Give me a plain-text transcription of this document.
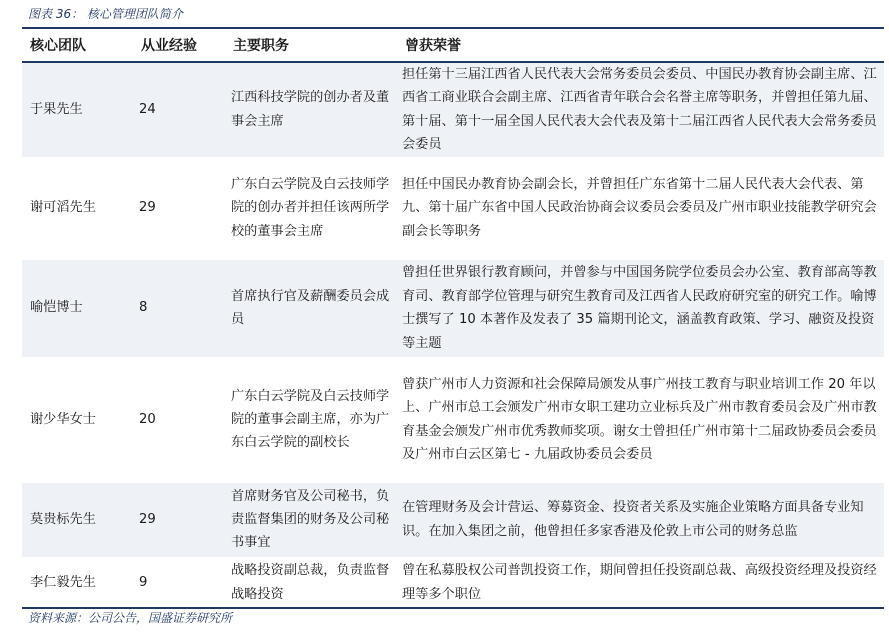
图表 36： 核心管理团队简介
核心团队	从业经验	主要职务	曾获荣誉
于果先生	24	江西科技学院的创办者及董事会主席	担任第十三届江西省人民代表大会常务委员会委员、中国民办教育协会副主席、江西省工商业联合会副主席、江西省青年联合会名誉主席等职务，并曾担任第九届、第十届、第十一届全国人民代表大会代表及第十二届江西省人民代表大会常务委员会委员
谢可滔先生	29	广东白云学院及白云技师学院的创办者并担任该两所学校的董事会主席	担任中国民办教育协会副会长，并曾担任广东省第十二届人民代表大会代表、第九、第十届广东省中国人民政治协商会议委员会委员及广州市职业技能教学研究会副会长等职务
喻恺博士	8	首席执行官及薪酬委员会成员	曾担任世界银行教育顾问，并曾参与中国国务院学位委员会办公室、教育部高等教育司、教育部学位管理与研究生教育司及江西省人民政府研究室的研究工作。喻博士撰写了 10 本著作及发表了 35 篇期刊论文，涵盖教育政策、学习、融资及投资等主题
谢少华女士	20	广东白云学院及白云技师学院的董事会副主席，亦为广东白云学院的副校长	曾获广州市人力资源和社会保障局颁发从事广州技工教育与职业培训工作 20 年以上、广州市总工会颁发广州市女职工建功立业标兵及广州市教育委员会及广州市教育基金会颁发广州市优秀教师奖项。谢女士曾担任广州市第十二届政协委员会委员及广州市白云区第七 - 九届政协委员会委员
莫贵标先生	29	首席财务官及公司秘书，负责监督集团的财务及公司秘书事宜	在管理财务及会计营运、筹募资金、投资者关系及实施企业策略方面具备专业知识。在加入集团之前，他曾担任多家香港及伦敦上市公司的财务总监
李仁毅先生	9	战略投资副总裁，负责监督战略投资	曾在私募股权公司普凯投资工作，期间曾担任投资副总裁、高级投资经理及投资经理等多个职位
资料来源：公司公告，国盛证券研究所
